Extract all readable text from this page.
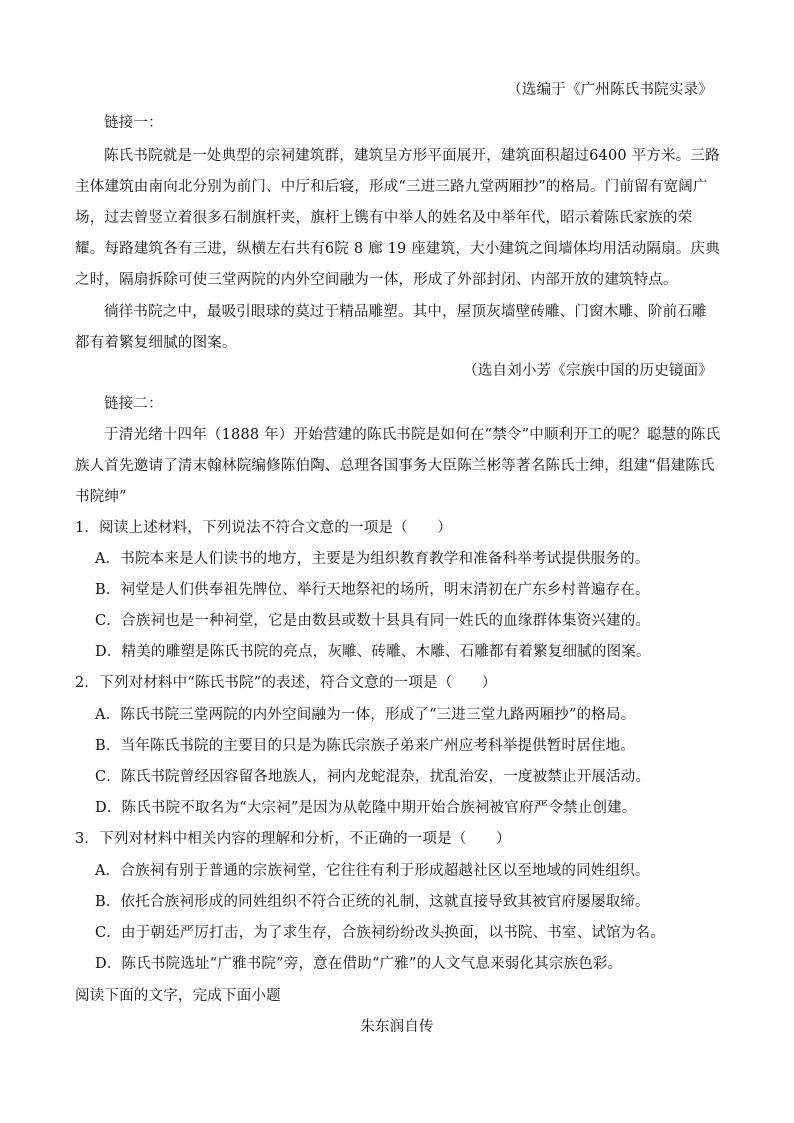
（选编于《广州陈氏书院实录》
链接一：
陈氏书院就是一处典型的宗祠建筑群，建筑呈方形平面展开，建筑面积超过6400 平方米。三路
主体建筑由南向北分别为前门、中厅和后寝，形成“三进三路九堂两厢抄”的格局。门前留有宽阔广
场，过去曾竖立着很多石制旗杆夹，旗杆上镌有中举人的姓名及中举年代，昭示着陈氏家族的荣
耀。每路建筑各有三进，纵横左右共有6院 8 廊 19 座建筑，大小建筑之间墙体均用活动隔扇。庆典
之时，隔扇拆除可使三堂两院的内外空间融为一体，形成了外部封闭、内部开放的建筑特点。
徜徉书院之中，最吸引眼球的莫过于精品雕塑。其中，屋顶灰墙壁砖雕、门窗木雕、阶前石雕
都有着繁复细腻的图案。
（选自刘小芳《宗族中国的历史镜面》
链接二：
于清光绪十四年（1888 年）开始营建的陈氏书院是如何在“禁令”中顺利开工的呢？聪慧的陈氏
族人首先邀请了清末翰林院编修陈伯陶、总理各国事务大臣陈兰彬等著名陈氏士绅，组建“倡建陈氏
书院绅”
1．阅读上述材料，下列说法不符合文意的一项是（　　）
A．书院本来是人们读书的地方，主要是为组织教育教学和准备科举考试提供服务的。
B．祠堂是人们供奉祖先牌位、举行天地祭祀的场所，明末清初在广东乡村普遍存在。
C．合族祠也是一种祠堂，它是由数县或数十县具有同一姓氏的血缘群体集资兴建的。
D．精美的雕塑是陈氏书院的亮点，灰雕、砖雕、木雕、石雕都有着繁复细腻的图案。
2．下列对材料中“陈氏书院”的表述，符合文意的一项是（　　）
A．陈氏书院三堂两院的内外空间融为一体，形成了“三进三堂九路两厢抄”的格局。
B．当年陈氏书院的主要目的只是为陈氏宗族子弟来广州应考科举提供暂时居住地。
C．陈氏书院曾经因容留各地族人，祠内龙蛇混杂，扰乱治安，一度被禁止开展活动。
D．陈氏书院不取名为“大宗祠”是因为从乾隆中期开始合族祠被官府严令禁止创建。
3．下列对材料中相关内容的理解和分析，不正确的一项是（　　）
A．合族祠有别于普通的宗族祠堂，它往往有利于形成超越社区以至地域的同姓组织。
B．依托合族祠形成的同姓组织不符合正统的礼制，这就直接导致其被官府屡屡取缔。
C．由于朝廷严厉打击，为了求生存，合族祠纷纷改头换面，以书院、书室、试馆为名。
D．陈氏书院选址“广雅书院”旁，意在借助“广雅”的人文气息来弱化其宗族色彩。
阅读下面的文字，完成下面小题
朱东润自传
